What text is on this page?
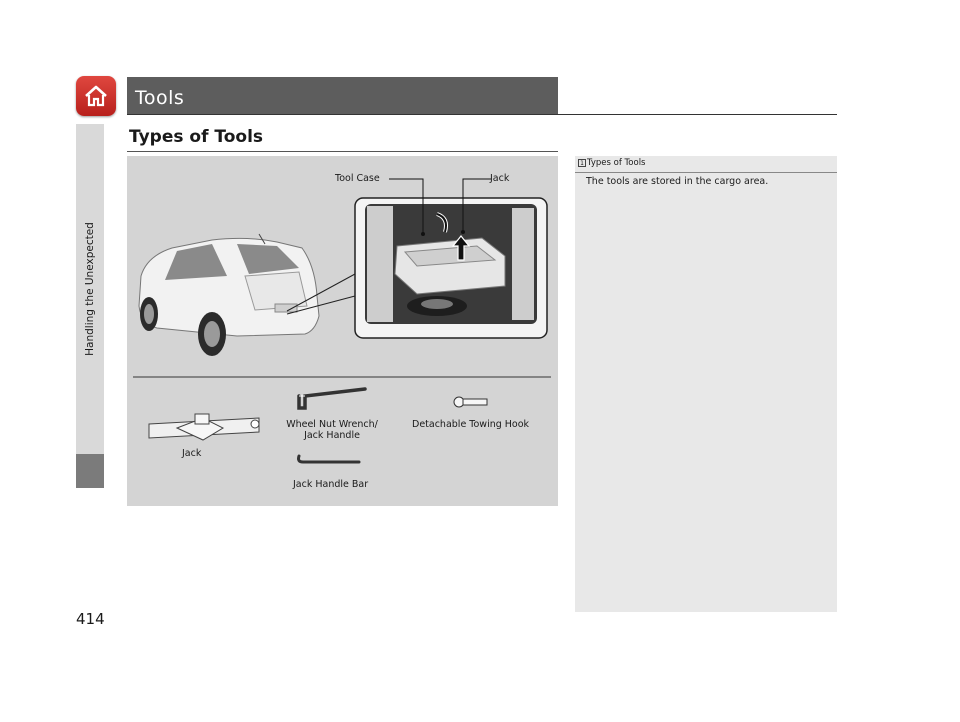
Tools
Handling the Unexpected
414
Types of Tools
Tool Case	Jack
Jack
Wheel Nut Wrench/
Jack Handle
Detachable Towing Hook
Jack Handle Bar
1 Types of Tools
The tools are stored in the cargo area.
